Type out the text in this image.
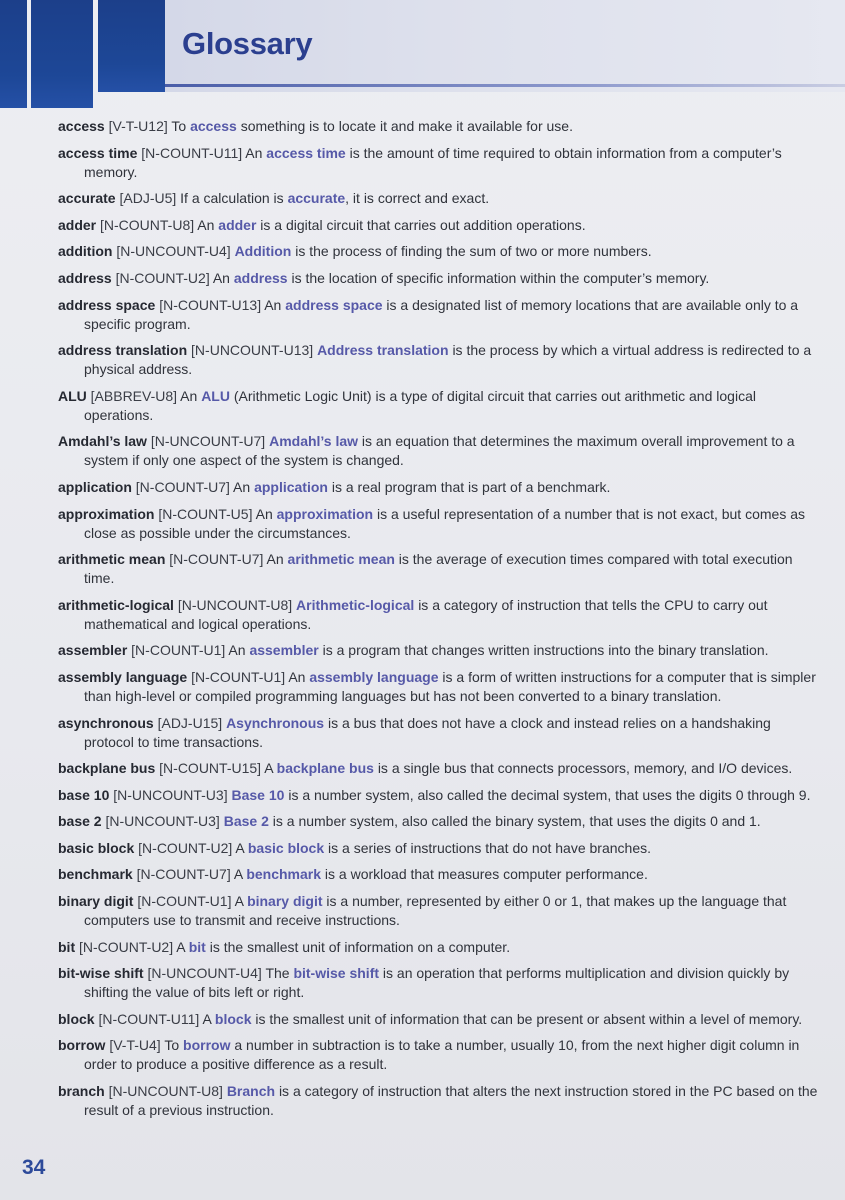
Glossary
access [V-T-U12] To access something is to locate it and make it available for use.
access time [N-COUNT-U11] An access time is the amount of time required to obtain information from a computer’s memory.
accurate [ADJ-U5] If a calculation is accurate, it is correct and exact.
adder [N-COUNT-U8] An adder is a digital circuit that carries out addition operations.
addition [N-UNCOUNT-U4] Addition is the process of finding the sum of two or more numbers.
address [N-COUNT-U2] An address is the location of specific information within the computer’s memory.
address space [N-COUNT-U13] An address space is a designated list of memory locations that are available only to a specific program.
address translation [N-UNCOUNT-U13] Address translation is the process by which a virtual address is redirected to a physical address.
ALU [ABBREV-U8] An ALU (Arithmetic Logic Unit) is a type of digital circuit that carries out arithmetic and logical operations.
Amdahl’s law [N-UNCOUNT-U7] Amdahl’s law is an equation that determines the maximum overall improvement to a system if only one aspect of the system is changed.
application [N-COUNT-U7] An application is a real program that is part of a benchmark.
approximation [N-COUNT-U5] An approximation is a useful representation of a number that is not exact, but comes as close as possible under the circumstances.
arithmetic mean [N-COUNT-U7] An arithmetic mean is the average of execution times compared with total execution time.
arithmetic-logical [N-UNCOUNT-U8] Arithmetic-logical is a category of instruction that tells the CPU to carry out mathematical and logical operations.
assembler [N-COUNT-U1] An assembler is a program that changes written instructions into the binary translation.
assembly language [N-COUNT-U1] An assembly language is a form of written instructions for a computer that is simpler than high-level or compiled programming languages but has not been converted to a binary translation.
asynchronous [ADJ-U15] Asynchronous is a bus that does not have a clock and instead relies on a handshaking protocol to time transactions.
backplane bus [N-COUNT-U15] A backplane bus is a single bus that connects processors, memory, and I/O devices.
base 10 [N-UNCOUNT-U3] Base 10 is a number system, also called the decimal system, that uses the digits 0 through 9.
base 2 [N-UNCOUNT-U3] Base 2 is a number system, also called the binary system, that uses the digits 0 and 1.
basic block [N-COUNT-U2] A basic block is a series of instructions that do not have branches.
benchmark [N-COUNT-U7] A benchmark is a workload that measures computer performance.
binary digit [N-COUNT-U1] A binary digit is a number, represented by either 0 or 1, that makes up the language that computers use to transmit and receive instructions.
bit [N-COUNT-U2] A bit is the smallest unit of information on a computer.
bit-wise shift [N-UNCOUNT-U4] The bit-wise shift is an operation that performs multiplication and division quickly by shifting the value of bits left or right.
block [N-COUNT-U11] A block is the smallest unit of information that can be present or absent within a level of memory.
borrow [V-T-U4] To borrow a number in subtraction is to take a number, usually 10, from the next higher digit column in order to produce a positive difference as a result.
branch [N-UNCOUNT-U8] Branch is a category of instruction that alters the next instruction stored in the PC based on the result of a previous instruction.
34
